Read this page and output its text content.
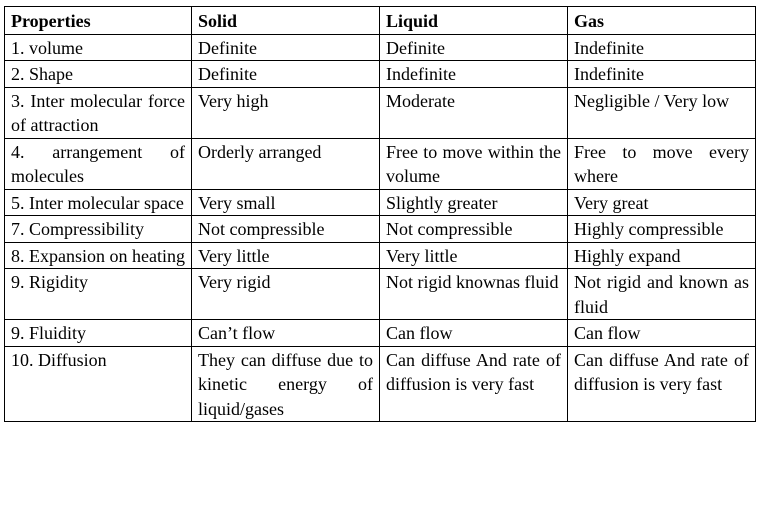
Properties	Solid	Liquid	Gas
1. volume	Definite	Definite	Indefinite
2. Shape	Definite	Indefinite	Indefinite
3. Inter molecular force of attraction	Very high	Moderate	Negligible / Very low
4. arrangement of molecules	Orderly arranged	Free to move within the volume	Free to move every where
5. Inter molecular space	Very small	Slightly greater	Very great
7. Compressibility	Not compressible	Not compressible	Highly compressible
8. Expansion on heating	Very little	Very little	Highly expand
9. Rigidity	Very rigid	Not rigid knownas fluid	Not rigid and known as fluid
9. Fluidity	Can’t flow	Can flow	Can flow
10. Diffusion	They can diffuse due to kinetic energy of liquid/gases	Can diffuse And rate of diffusion is very fast	Can diffuse And rate of diffusion is very fast
